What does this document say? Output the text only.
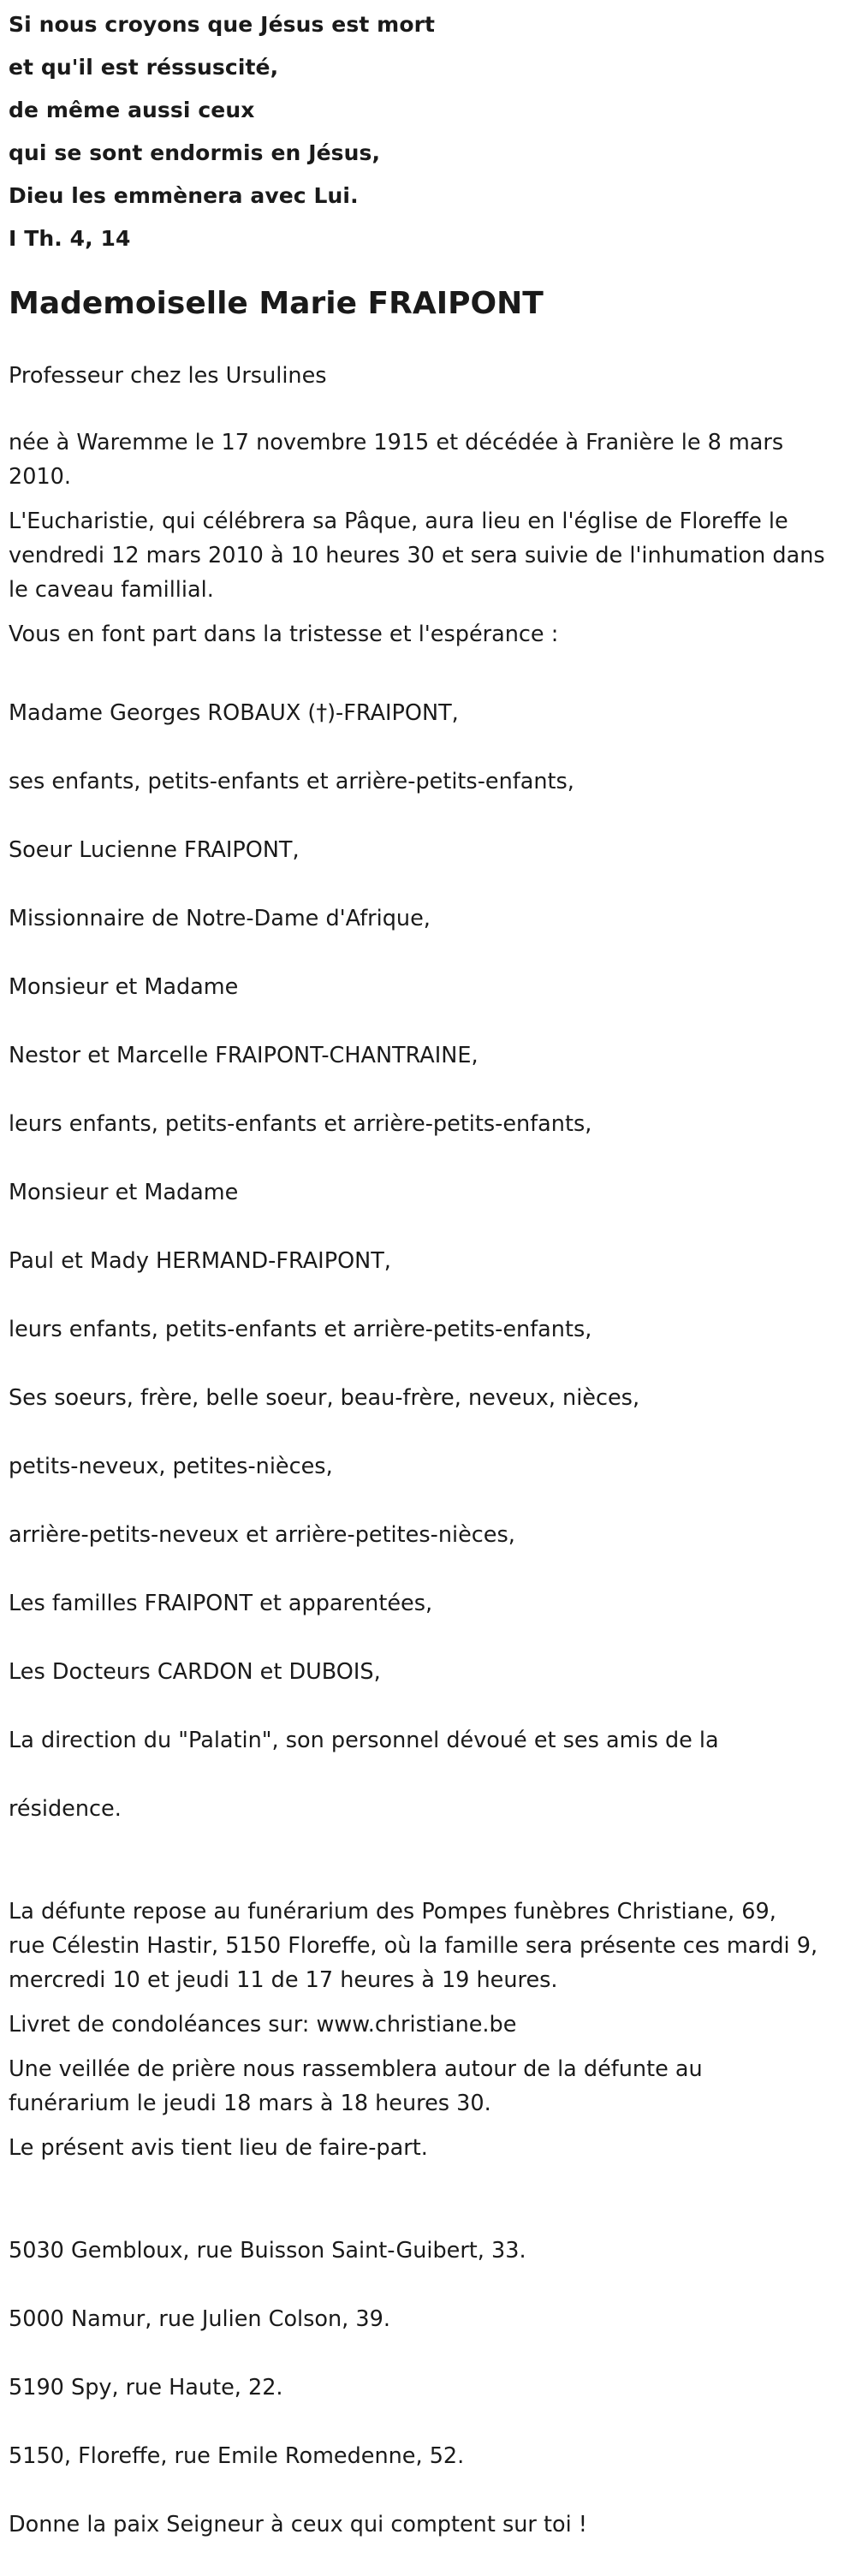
Si nous croyons que Jésus est mort
et qu'il est réssuscité,
de même aussi ceux
qui se sont endormis en Jésus,
Dieu les emmènera avec Lui.
I Th. 4, 14
Mademoiselle Marie FRAIPONT

Professeur chez les Ursulines

née à Waremme le 17 novembre 1915 et décédée à Franière le 8 mars
2010.

L'Eucharistie, qui célébrera sa Pâque, aura lieu en l'église de Floreffe le
vendredi 12 mars 2010 à 10 heures 30 et sera suivie de l'inhumation dans
le caveau famillial.

Vous en font part dans la tristesse et l'espérance :

Madame Georges ROBAUX (†)-FRAIPONT,

ses enfants, petits-enfants et arrière-petits-enfants,

Soeur Lucienne FRAIPONT,

Missionnaire de Notre-Dame d'Afrique,

Monsieur et Madame

Nestor et Marcelle FRAIPONT-CHANTRAINE,

leurs enfants, petits-enfants et arrière-petits-enfants,

Monsieur et Madame

Paul et Mady HERMAND-FRAIPONT,

leurs enfants, petits-enfants et arrière-petits-enfants,

Ses soeurs, frère, belle soeur, beau-frère, neveux, nièces,

petits-neveux, petites-nièces,

arrière-petits-neveux et arrière-petites-nièces,

Les familles FRAIPONT et apparentées,

Les Docteurs CARDON et DUBOIS,

La direction du "Palatin", son personnel dévoué et ses amis de la

résidence.

La défunte repose au funérarium des Pompes funèbres Christiane, 69,
rue Célestin Hastir, 5150 Floreffe, où la famille sera présente ces mardi 9,
mercredi 10 et jeudi 11 de 17 heures à 19 heures.

Livret de condoléances sur: www.christiane.be

Une veillée de prière nous rassemblera autour de la défunte au
funérarium le jeudi 18 mars à 18 heures 30.

Le présent avis tient lieu de faire-part.

5030 Gembloux, rue Buisson Saint-Guibert, 33.

5000 Namur, rue Julien Colson, 39.

5190 Spy, rue Haute, 22.

5150, Floreffe, rue Emile Romedenne, 52.

Donne la paix Seigneur à ceux qui comptent sur toi !
